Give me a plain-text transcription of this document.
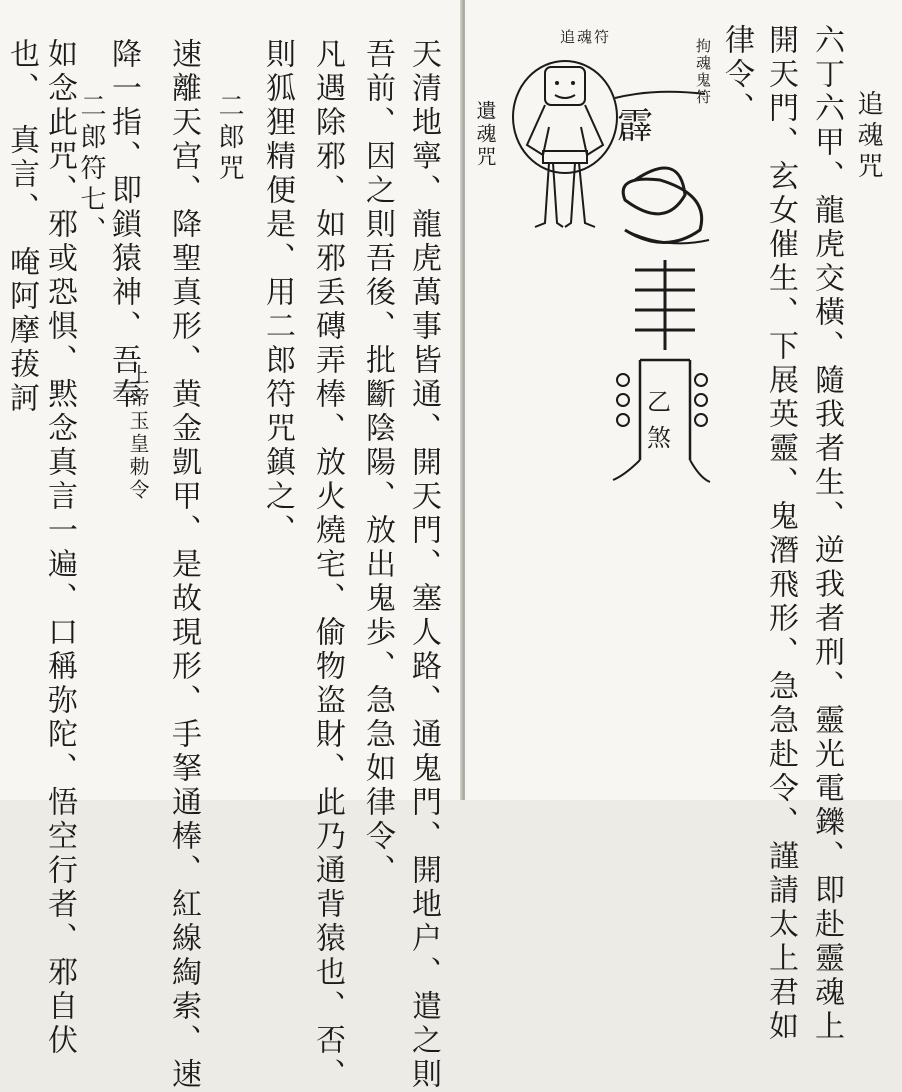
天清地寧、龍虎萬事皆通、開天門、塞人路、通鬼門、開地户、遣之則
吾前、因之則吾後、批斷陰陽、放出鬼歩、急急如律令、
凡遇除邪、如邪丢磚弄棒、放火燒宅、偷物盗財、此乃通背猿也、否、
則狐狸精便是、用二郎符咒鎮之、
二郎咒
速離天宫、降聖真形、黄金凱甲、是故現形、手拏通棒、紅線綯索、速
上帝玉皇勅令
降一指、即鎖猿神、吾奉
二郎符七、
如念此咒、邪或恐惧、黙念真言一遍、口稱弥陀、悟空行者、邪自伏
唵阿摩菝訶
真言、
也、
追魂咒
六丁六甲、龍虎交橫、隨我者生、逆我者刑、靈光電鑠、即赴靈魂上
開天門、玄女催生、下展英靈、鬼潛飛形、急急赴令、謹請太上君如
律令、
拘魂鬼符
遺魂咒
追魂符
霹
乙
煞
